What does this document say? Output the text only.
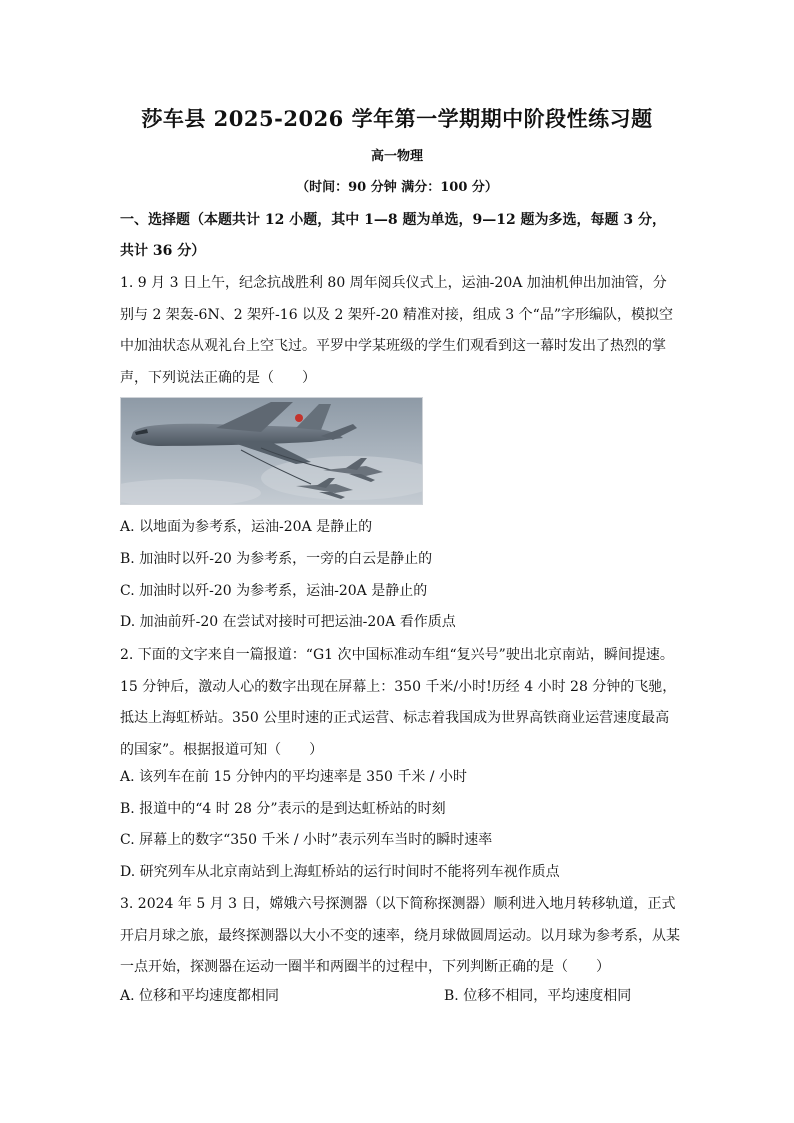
莎车县 2025-2026 学年第一学期期中阶段性练习题
高一物理
（时间：90 分钟 满分：100 分）
一、选择题（本题共计 12 小题，其中 1—8 题为单选，9—12 题为多选，每题 3 分，共计 36 分）
1. 9 月 3 日上午，纪念抗战胜利 80 周年阅兵仪式上，运油-20A 加油机伸出加油管，分别与 2 架轰-6N、2 架歼-16 以及 2 架歼-20 精准对接，组成 3 个“品”字形编队，模拟空中加油状态从观礼台上空飞过。平罗中学某班级的学生们观看到这一幕时发出了热烈的掌声，下列说法正确的是（　　）
A. 以地面为参考系，运油-20A 是静止的
B. 加油时以歼-20 为参考系，一旁的白云是静止的
C. 加油时以歼-20 为参考系，运油-20A 是静止的
D. 加油前歼-20 在尝试对接时可把运油-20A 看作质点
2. 下面的文字来自一篇报道：“G1 次中国标准动车组“复兴号”驶出北京南站，瞬间提速。15 分钟后，激动人心的数字出现在屏幕上：350 千米/小时!历经 4 小时 28 分钟的飞驰，抵达上海虹桥站。350 公里时速的正式运营、标志着我国成为世界高铁商业运营速度最高的国家”。根据报道可知（　　）
A. 该列车在前 15 分钟内的平均速率是 350 千米 / 小时
B. 报道中的“4 时 28 分”表示的是到达虹桥站的时刻
C. 屏幕上的数字“350 千米 / 小时”表示列车当时的瞬时速率
D. 研究列车从北京南站到上海虹桥站的运行时间时不能将列车视作质点
3. 2024 年 5 月 3 日，嫦娥六号探测器（以下简称探测器）顺利进入地月转移轨道，正式开启月球之旅，最终探测器以大小不变的速率，绕月球做圆周运动。以月球为参考系，从某一点开始，探测器在运动一圈半和两圈半的过程中，下列判断正确的是（　　）
A. 位移和平均速度都相同	B. 位移不相同，平均速度相同
